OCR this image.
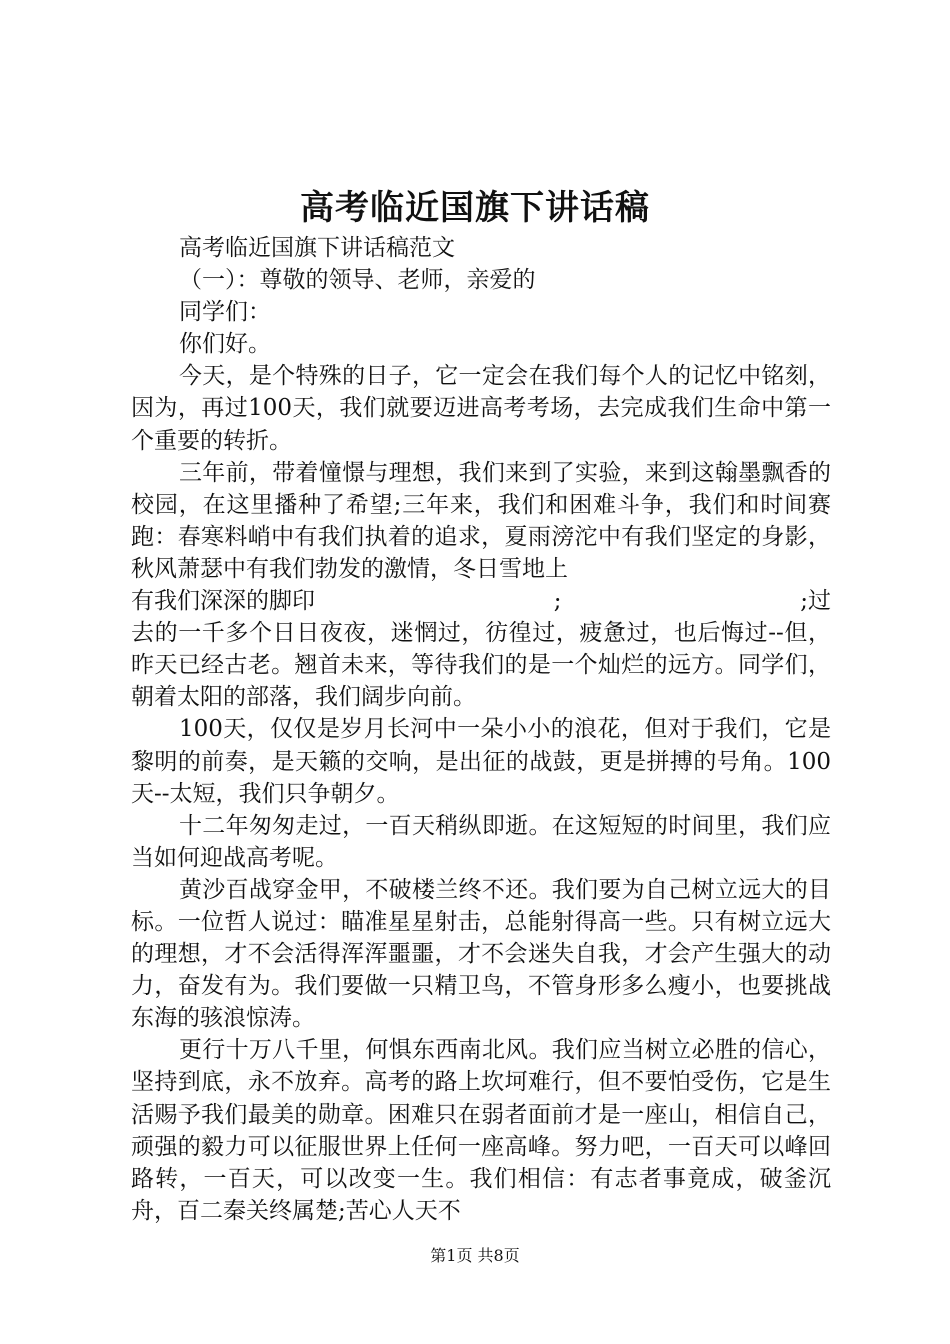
高考临近国旗下讲话稿

高考临近国旗下讲话稿范文

（一）：尊敬的领导、老师，亲爱的

同学们：

你们好。

今天，是个特殊的日子，它一定会在我们每个人的记忆中铭刻，因为，再过100天，我们就要迈进高考考场，去完成我们生命中第一个重要的转折。

三年前，带着憧憬与理想，我们来到了实验，来到这翰墨飘香的校园，在这里播种了希望;三年来，我们和困难斗争，我们和时间赛跑：春寒料峭中有我们执着的追求，夏雨滂沱中有我们坚定的身影，秋风萧瑟中有我们勃发的激情，冬日雪地上

有我们深深的脚印	;	;过

去的一千多个日日夜夜，迷惘过，彷徨过，疲惫过，也后悔过--但，昨天已经古老。翘首未来，等待我们的是一个灿烂的远方。同学们，朝着太阳的部落，我们阔步向前。

100天，仅仅是岁月长河中一朵小小的浪花，但对于我们，它是黎明的前奏，是天籁的交响，是出征的战鼓，更是拼搏的号角。100天--太短，我们只争朝夕。

十二年匆匆走过，一百天稍纵即逝。在这短短的时间里，我们应当如何迎战高考呢。

黄沙百战穿金甲，不破楼兰终不还。我们要为自己树立远大的目标。一位哲人说过：瞄准星星射击，总能射得高一些。只有树立远大的理想，才不会活得浑浑噩噩，才不会迷失自我，才会产生强大的动力，奋发有为。我们要做一只精卫鸟，不管身形多么瘦小，也要挑战东海的骇浪惊涛。

更行十万八千里，何惧东西南北风。我们应当树立必胜的信心，坚持到底，永不放弃。高考的路上坎坷难行，但不要怕受伤，它是生活赐予我们最美的勋章。困难只在弱者面前才是一座山，相信自己，顽强的毅力可以征服世界上任何一座高峰。努力吧，一百天可以峰回路转，一百天，可以改变一生。我们相信：有志者事竟成，破釜沉舟，百二秦关终属楚;苦心人天不

第1页 共8页
